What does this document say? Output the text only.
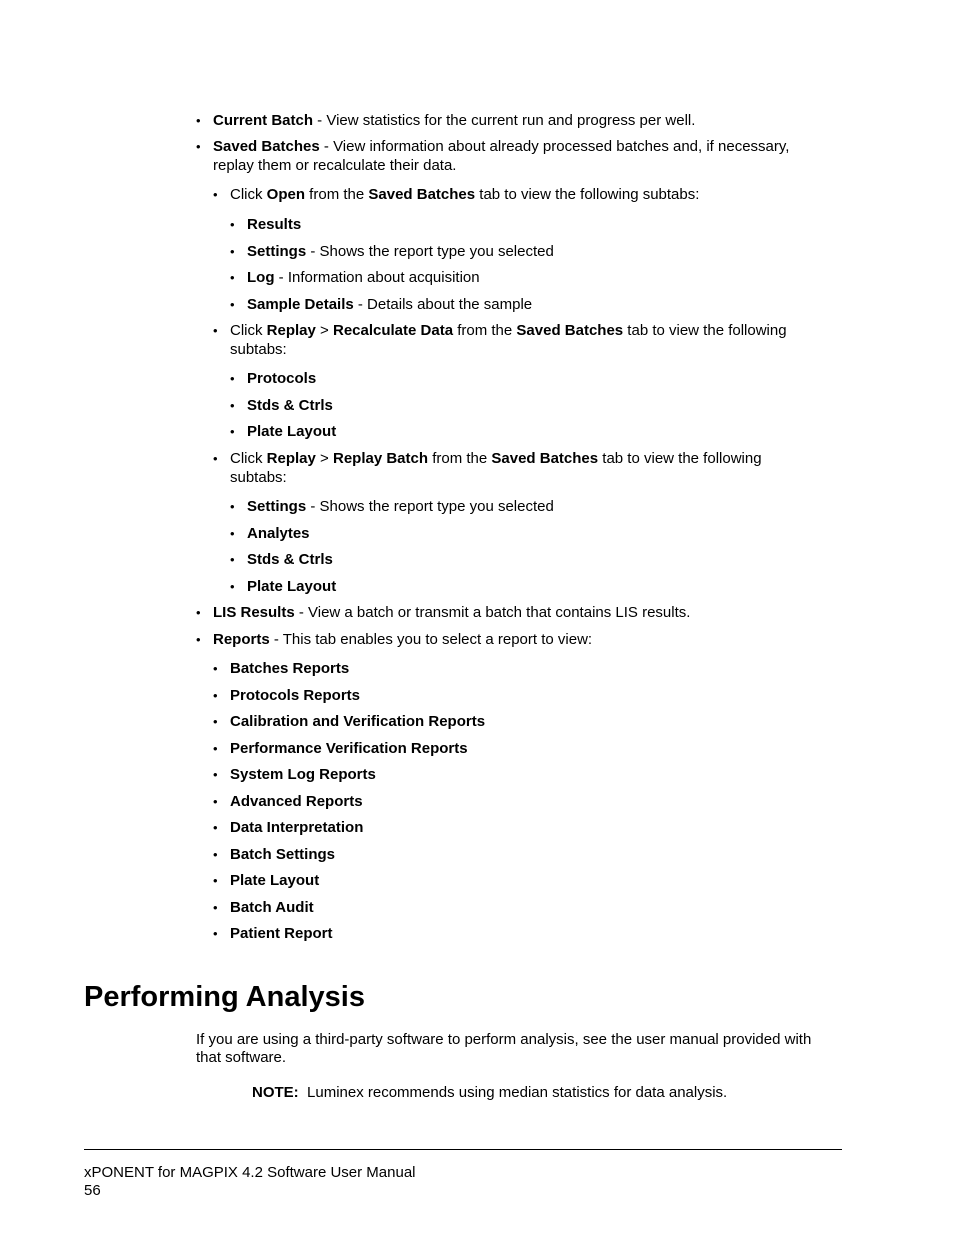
• Current Batch - View statistics for the current run and progress per well.
• Saved Batches - View information about already processed batches and, if necessary,
replay them or recalculate their data.
• Click Open from the Saved Batches tab to view the following subtabs:
• Results
• Settings - Shows the report type you selected
• Log - Information about acquisition
• Sample Details - Details about the sample
• Click Replay > Recalculate Data from the Saved Batches tab to view the following
subtabs:
• Protocols
• Stds & Ctrls
• Plate Layout
• Click Replay > Replay Batch from the Saved Batches tab to view the following
subtabs:
• Settings - Shows the report type you selected
• Analytes
• Stds & Ctrls
• Plate Layout
• LIS Results - View a batch or transmit a batch that contains LIS results.
• Reports - This tab enables you to select a report to view:
• Batches Reports
• Protocols Reports
• Calibration and Verification Reports
• Performance Verification Reports
• System Log Reports
• Advanced Reports
• Data Interpretation
• Batch Settings
• Plate Layout
• Batch Audit
• Patient Report
Performing Analysis
If you are using a third-party software to perform analysis, see the user manual provided with
that software.
NOTE: Luminex recommends using median statistics for data analysis.
xPONENT for MAGPIX 4.2 Software User Manual
56
